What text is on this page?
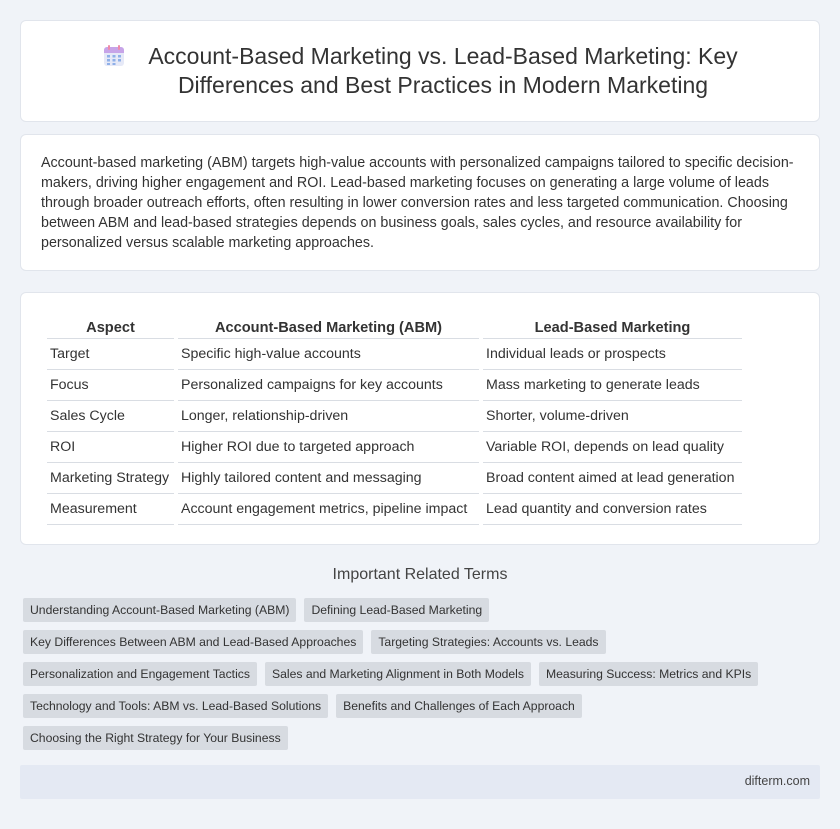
Account-Based Marketing vs. Lead-Based Marketing: Key
Differences and Best Practices in Modern Marketing

Account-based marketing (ABM) targets high-value accounts with personalized campaigns tailored to specific decision-makers, driving higher engagement and ROI. Lead-based marketing focuses on generating a large volume of leads through broader outreach efforts, often resulting in lower conversion rates and less targeted communication. Choosing between ABM and lead-based strategies depends on business goals, sales cycles, and resource availability for personalized versus scalable marketing approaches.

Aspect	Account-Based Marketing (ABM)	Lead-Based Marketing
Target	Specific high-value accounts	Individual leads or prospects
Focus	Personalized campaigns for key accounts	Mass marketing to generate leads
Sales Cycle	Longer, relationship-driven	Shorter, volume-driven
ROI	Higher ROI due to targeted approach	Variable ROI, depends on lead quality
Marketing Strategy	Highly tailored content and messaging	Broad content aimed at lead generation
Measurement	Account engagement metrics, pipeline impact	Lead quantity and conversion rates
Important Related Terms
Understanding Account-Based Marketing (ABM)	Defining Lead-Based Marketing
Key Differences Between ABM and Lead-Based Approaches	Targeting Strategies: Accounts vs. Leads
Personalization and Engagement Tactics	Sales and Marketing Alignment in Both Models	Measuring Success: Metrics and KPIs
Technology and Tools: ABM vs. Lead-Based Solutions	Benefits and Challenges of Each Approach
Choosing the Right Strategy for Your Business
difterm.com
